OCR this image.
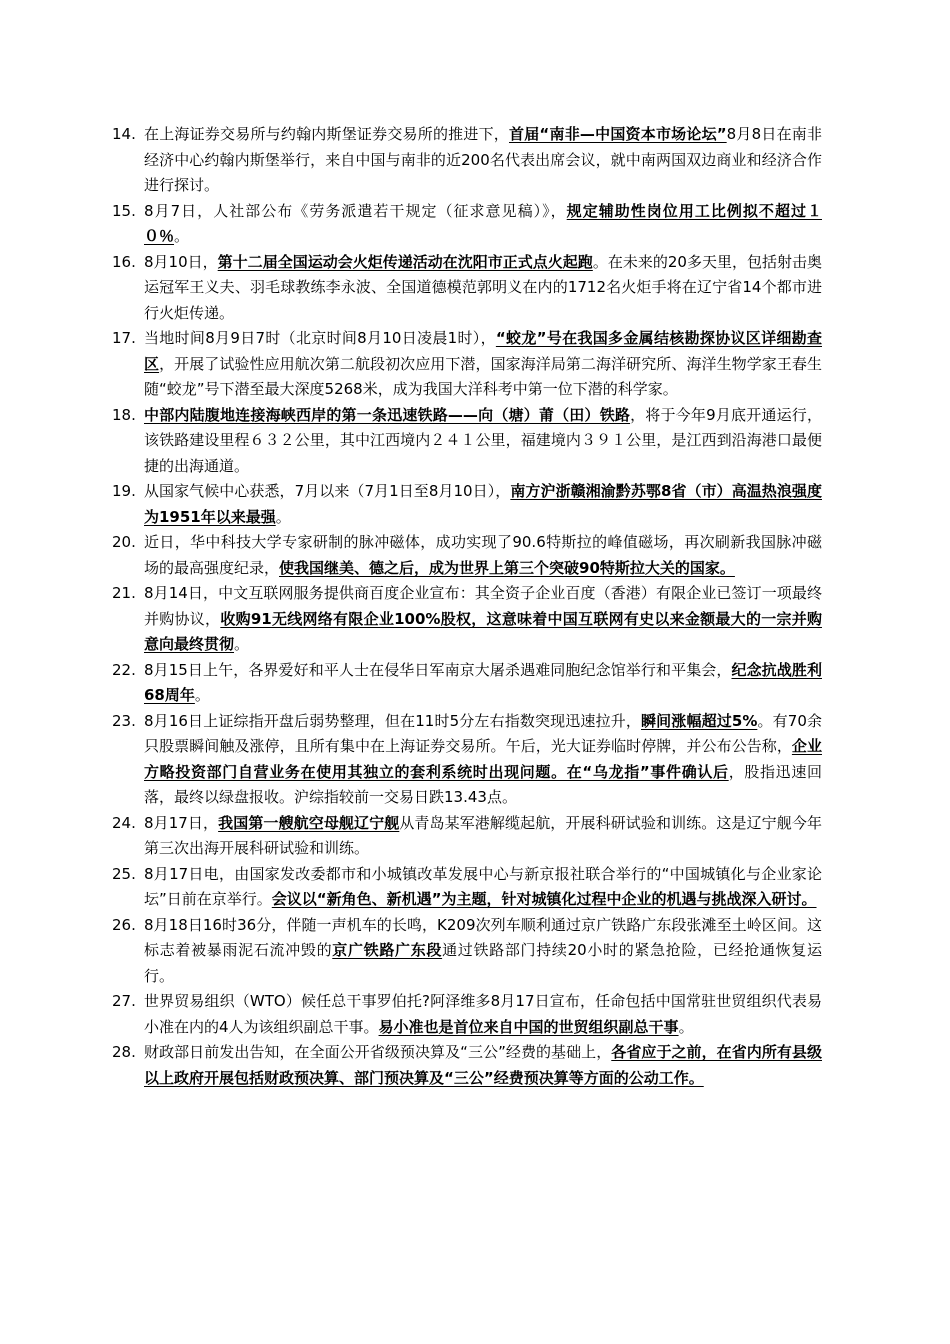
14. 在上海证券交易所与约翰内斯堡证券交易所的推进下，首届“南非—中国资本市场论坛”8月8日在南非经济中心约翰内斯堡举行，来自中国与南非的近200名代表出席会议，就中南两国双边商业和经济合作进行探讨。
15. 8月7日，人社部公布《劳务派遣若干规定（征求意见稿）》，规定辅助性岗位用工比例拟不超过１０％。
16. 8月10日，第十二届全国运动会火炬传递活动在沈阳市正式点火起跑。在未来的20多天里，包括射击奥运冠军王义夫、羽毛球教练李永波、全国道德模范郭明义在内的1712名火炬手将在辽宁省14个都市进行火炬传递。
17. 当地时间8月9日7时（北京时间8月10日凌晨1时），“蛟龙”号在我国多金属结核勘探协议区详细勘查区，开展了试验性应用航次第二航段初次应用下潜，国家海洋局第二海洋研究所、海洋生物学家王春生随“蛟龙”号下潜至最大深度5268米，成为我国大洋科考中第一位下潜的科学家。
18. 中部内陆腹地连接海峡西岸的第一条迅速铁路——向（塘）莆（田）铁路，将于今年9月底开通运行，该铁路建设里程６３２公里，其中江西境内２４１公里，福建境内３９１公里，是江西到沿海港口最便捷的出海通道。
19. 从国家气候中心获悉，7月以来（7月1日至8月10日），南方沪浙赣湘渝黔苏鄂8省（市）高温热浪强度为1951年以来最强。
20. 近日，华中科技大学专家研制的脉冲磁体，成功实现了90.6特斯拉的峰值磁场，再次刷新我国脉冲磁场的最高强度纪录，使我国继美、德之后，成为世界上第三个突破90特斯拉大关的国家。
21. 8月14日，中文互联网服务提供商百度企业宣布：其全资子企业百度（香港）有限企业已签订一项最终并购协议，收购91无线网络有限企业100%股权，这意味着中国互联网有史以来金额最大的一宗并购意向最终贯彻。
22. 8月15日上午，各界爱好和平人士在侵华日军南京大屠杀遇难同胞纪念馆举行和平集会，纪念抗战胜利68周年。
23. 8月16日上证综指开盘后弱势整理，但在11时5分左右指数突现迅速拉升，瞬间涨幅超过5%。有70余只股票瞬间触及涨停，且所有集中在上海证券交易所。午后，光大证券临时停牌，并公布公告称，企业方略投资部门自营业务在使用其独立的套利系统时出现问题。在“乌龙指”事件确认后，股指迅速回落，最终以绿盘报收。沪综指较前一交易日跌13.43点。
24. 8月17日，我国第一艘航空母舰辽宁舰从青岛某军港解缆起航，开展科研试验和训练。这是辽宁舰今年第三次出海开展科研试验和训练。
25. 8月17日电，由国家发改委都市和小城镇改革发展中心与新京报社联合举行的“中国城镇化与企业家论坛”日前在京举行。会议以“新角色、新机遇”为主题，针对城镇化过程中企业的机遇与挑战深入研讨。
26. 8月18日16时36分，伴随一声机车的长鸣，K209次列车顺利通过京广铁路广东段张滩至土岭区间。这标志着被暴雨泥石流冲毁的京广铁路广东段通过铁路部门持续20小时的紧急抢险，已经抢通恢复运行。
27. 世界贸易组织（WTO）候任总干事罗伯托?阿泽维多8月17日宣布，任命包括中国常驻世贸组织代表易小准在内的4人为该组织副总干事。易小准也是首位来自中国的世贸组织副总干事。
28. 财政部日前发出告知，在全面公开省级预决算及“三公”经费的基础上，各省应于之前，在省内所有县级以上政府开展包括财政预决算、部门预决算及“三公”经费预决算等方面的公动工作。
